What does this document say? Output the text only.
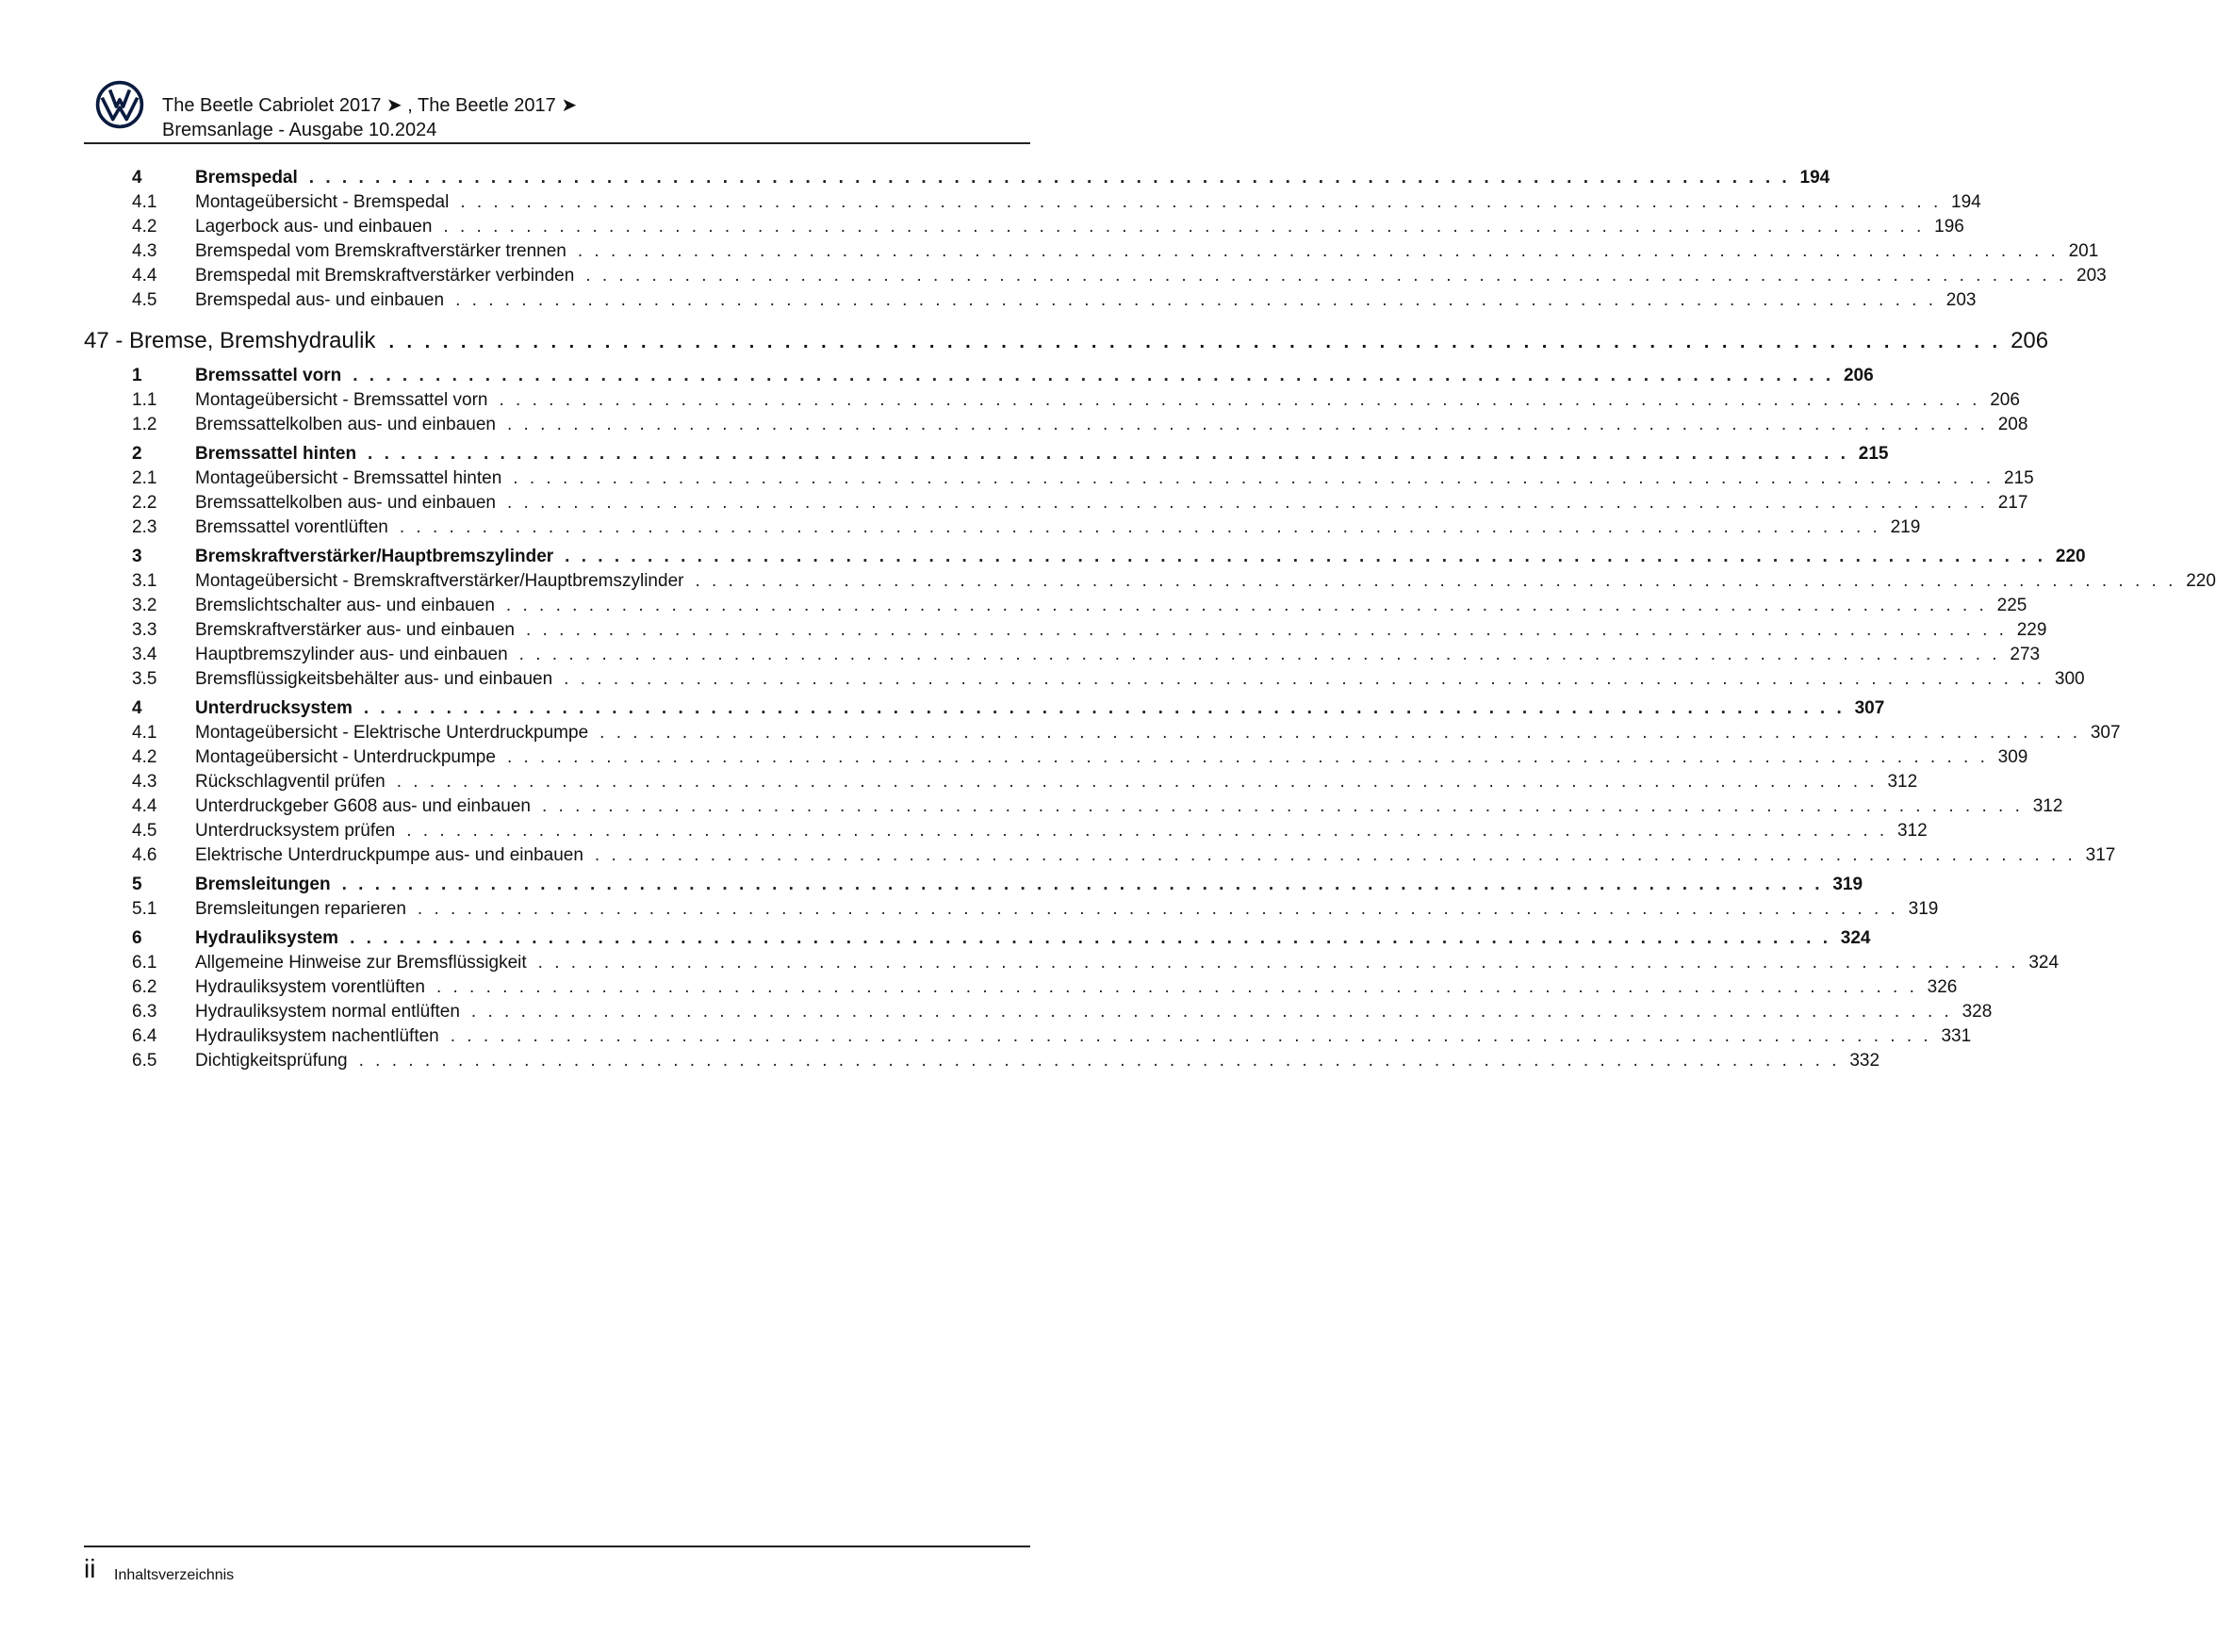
The Beetle Cabriolet 2017 ➤ , The Beetle 2017 ➤
Bremsanlage - Ausgabe 10.2024
4	Bremspedal . . . . . . . . . . . . . . . . . . . . . . . . . . . . . . . . . . . . . . . . . . . . . . . . . . . . . . . . . . . . . . . . . . . . . . . . . . . . . . . . . . . . . . . . . . 194
4.1 Montageübersicht - Bremspedal . . . . . . . . . . . . . . . . . . . . . . . . . . . . . . . . . . . . . . . . . . . . . . . . . . . . . . . . . . . . . . . . . . . . . . . . . . . . . . . . . . . . . . . . . . 194
4.2 Lagerbock aus- und einbauen . . . . . . . . . . . . . . . . . . . . . . . . . . . . . . . . . . . . . . . . . . . . . . . . . . . . . . . . . . . . . . . . . . . . . . . . . . . . . . . . . . . . . . . . . . 196
4.3 Bremspedal vom Bremskraftverstärker trennen . . . . . . . . . . . . . . . . . . . . . . . . . . . . . . . . . . . . . . . . . . . . . . . . . . . . . . . . . . . . . . . . . . . . . . . . . . . . . . . . . . . . . . . . . . 201
4.4 Bremspedal mit Bremskraftverstärker verbinden . . . . . . . . . . . . . . . . . . . . . . . . . . . . . . . . . . . . . . . . . . . . . . . . . . . . . . . . . . . . . . . . . . . . . . . . . . . . . . . . . . . . . . . . . . 203
4.5 Bremspedal aus- und einbauen . . . . . . . . . . . . . . . . . . . . . . . . . . . . . . . . . . . . . . . . . . . . . . . . . . . . . . . . . . . . . . . . . . . . . . . . . . . . . . . . . . . . . . . . . . 203
47 - Bremse, Bremshydraulik . . . . . . . . . . . . . . . . . . . . . . . . . . . . . . . . . . . . . . . . . . . . . . . . . . . . . . . . . . . . . . . . . . . . . . . . . . . . . . . . . . . . . . . . . . 206
1	Bremssattel vorn . . . . . . . . . . . . . . . . . . . . . . . . . . . . . . . . . . . . . . . . . . . . . . . . . . . . . . . . . . . . . . . . . . . . . . . . . . . . . . . . . . . . . . . . . . 206
1.1 Montageübersicht - Bremssattel vorn . . . . . . . . . . . . . . . . . . . . . . . . . . . . . . . . . . . . . . . . . . . . . . . . . . . . . . . . . . . . . . . . . . . . . . . . . . . . . . . . . . . . . . . . . . 206
1.2 Bremssattelkolben aus- und einbauen . . . . . . . . . . . . . . . . . . . . . . . . . . . . . . . . . . . . . . . . . . . . . . . . . . . . . . . . . . . . . . . . . . . . . . . . . . . . . . . . . . . . . . . . . . 208
2	Bremssattel hinten . . . . . . . . . . . . . . . . . . . . . . . . . . . . . . . . . . . . . . . . . . . . . . . . . . . . . . . . . . . . . . . . . . . . . . . . . . . . . . . . . . . . . . . . . . 215
2.1 Montageübersicht - Bremssattel hinten . . . . . . . . . . . . . . . . . . . . . . . . . . . . . . . . . . . . . . . . . . . . . . . . . . . . . . . . . . . . . . . . . . . . . . . . . . . . . . . . . . . . . . . . . . 215
2.2 Bremssattelkolben aus- und einbauen . . . . . . . . . . . . . . . . . . . . . . . . . . . . . . . . . . . . . . . . . . . . . . . . . . . . . . . . . . . . . . . . . . . . . . . . . . . . . . . . . . . . . . . . . . 217
2.3 Bremssattel vorentlüften . . . . . . . . . . . . . . . . . . . . . . . . . . . . . . . . . . . . . . . . . . . . . . . . . . . . . . . . . . . . . . . . . . . . . . . . . . . . . . . . . . . . . . . . . . 219
3	Bremskraftverstärker/Hauptbremszylinder . . . . . . . . . . . . . . . . . . . . . . . . . . . . . . . . . . . . . . . . . . . . . . . . . . . . . . . . . . . . . . . . . . . . . . . . . . . . . . . . . . . . . . . . . . 220
3.1 Montageübersicht - Bremskraftverstärker/Hauptbremszylinder . . . . . . . . . . . . . . . . . . . . . . . . . . . . . . . . . . . . . . . . . . . . . . . . . . . . . . . . . . . . . . . . . . . . . . . . . . . . . . . . . . . . . . . . . . 220
3.2 Bremslichtschalter aus- und einbauen . . . . . . . . . . . . . . . . . . . . . . . . . . . . . . . . . . . . . . . . . . . . . . . . . . . . . . . . . . . . . . . . . . . . . . . . . . . . . . . . . . . . . . . . . . 225
3.3 Bremskraftverstärker aus- und einbauen . . . . . . . . . . . . . . . . . . . . . . . . . . . . . . . . . . . . . . . . . . . . . . . . . . . . . . . . . . . . . . . . . . . . . . . . . . . . . . . . . . . . . . . . . . 229
3.4 Hauptbremszylinder aus- und einbauen . . . . . . . . . . . . . . . . . . . . . . . . . . . . . . . . . . . . . . . . . . . . . . . . . . . . . . . . . . . . . . . . . . . . . . . . . . . . . . . . . . . . . . . . . . 273
3.5 Bremsflüssigkeitsbehälter aus- und einbauen . . . . . . . . . . . . . . . . . . . . . . . . . . . . . . . . . . . . . . . . . . . . . . . . . . . . . . . . . . . . . . . . . . . . . . . . . . . . . . . . . . . . . . . . . . 300
4	Unterdrucksystem . . . . . . . . . . . . . . . . . . . . . . . . . . . . . . . . . . . . . . . . . . . . . . . . . . . . . . . . . . . . . . . . . . . . . . . . . . . . . . . . . . . . . . . . . . 307
4.1 Montageübersicht - Elektrische Unterdruckpumpe . . . . . . . . . . . . . . . . . . . . . . . . . . . . . . . . . . . . . . . . . . . . . . . . . . . . . . . . . . . . . . . . . . . . . . . . . . . . . . . . . . . . . . . . . . 307
4.2 Montageübersicht - Unterdruckpumpe . . . . . . . . . . . . . . . . . . . . . . . . . . . . . . . . . . . . . . . . . . . . . . . . . . . . . . . . . . . . . . . . . . . . . . . . . . . . . . . . . . . . . . . . . . 309
4.3 Rückschlagventil prüfen . . . . . . . . . . . . . . . . . . . . . . . . . . . . . . . . . . . . . . . . . . . . . . . . . . . . . . . . . . . . . . . . . . . . . . . . . . . . . . . . . . . . . . . . . . 312
4.4 Unterdruckgeber G608 aus- und einbauen . . . . . . . . . . . . . . . . . . . . . . . . . . . . . . . . . . . . . . . . . . . . . . . . . . . . . . . . . . . . . . . . . . . . . . . . . . . . . . . . . . . . . . . . . . 312
4.5 Unterdrucksystem prüfen . . . . . . . . . . . . . . . . . . . . . . . . . . . . . . . . . . . . . . . . . . . . . . . . . . . . . . . . . . . . . . . . . . . . . . . . . . . . . . . . . . . . . . . . . . 312
4.6 Elektrische Unterdruckpumpe aus- und einbauen . . . . . . . . . . . . . . . . . . . . . . . . . . . . . . . . . . . . . . . . . . . . . . . . . . . . . . . . . . . . . . . . . . . . . . . . . . . . . . . . . . . . . . . . . . 317
5	Bremsleitungen . . . . . . . . . . . . . . . . . . . . . . . . . . . . . . . . . . . . . . . . . . . . . . . . . . . . . . . . . . . . . . . . . . . . . . . . . . . . . . . . . . . . . . . . . . 319
5.1 Bremsleitungen reparieren . . . . . . . . . . . . . . . . . . . . . . . . . . . . . . . . . . . . . . . . . . . . . . . . . . . . . . . . . . . . . . . . . . . . . . . . . . . . . . . . . . . . . . . . . . 319
6	Hydrauliksystem . . . . . . . . . . . . . . . . . . . . . . . . . . . . . . . . . . . . . . . . . . . . . . . . . . . . . . . . . . . . . . . . . . . . . . . . . . . . . . . . . . . . . . . . . . 324
6.1 Allgemeine Hinweise zur Bremsflüssigkeit . . . . . . . . . . . . . . . . . . . . . . . . . . . . . . . . . . . . . . . . . . . . . . . . . . . . . . . . . . . . . . . . . . . . . . . . . . . . . . . . . . . . . . . . . . 324
6.2 Hydrauliksystem vorentlüften . . . . . . . . . . . . . . . . . . . . . . . . . . . . . . . . . . . . . . . . . . . . . . . . . . . . . . . . . . . . . . . . . . . . . . . . . . . . . . . . . . . . . . . . . . 326
6.3 Hydrauliksystem normal entlüften . . . . . . . . . . . . . . . . . . . . . . . . . . . . . . . . . . . . . . . . . . . . . . . . . . . . . . . . . . . . . . . . . . . . . . . . . . . . . . . . . . . . . . . . . . 328
6.4 Hydrauliksystem nachentlüften . . . . . . . . . . . . . . . . . . . . . . . . . . . . . . . . . . . . . . . . . . . . . . . . . . . . . . . . . . . . . . . . . . . . . . . . . . . . . . . . . . . . . . . . . . 331
6.5 Dichtigkeitsprüfung . . . . . . . . . . . . . . . . . . . . . . . . . . . . . . . . . . . . . . . . . . . . . . . . . . . . . . . . . . . . . . . . . . . . . . . . . . . . . . . . . . . . . . . . . . 332
ii Inhaltsverzeichnis
